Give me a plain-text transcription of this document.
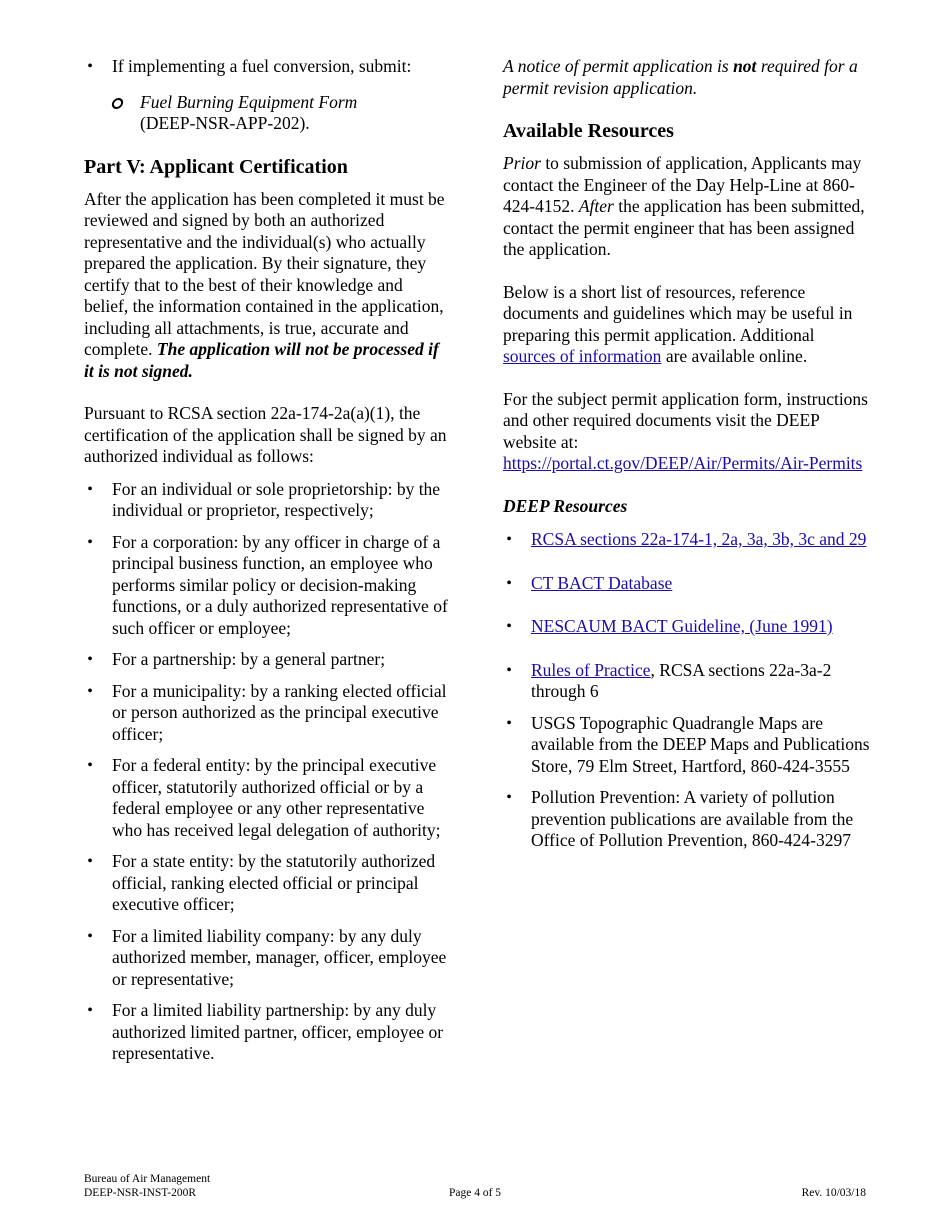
• If implementing a fuel conversion, submit:
Fuel Burning Equipment Form
(DEEP-NSR-APP-202).
Part V: Applicant Certification

After the application has been completed it must be reviewed and signed by both an authorized representative and the individual(s) who actually prepared the application. By their signature, they certify that to the best of their knowledge and belief, the information contained in the application, including all attachments, is true, accurate and complete. The application will not be processed if it is not signed.

Pursuant to RCSA section 22a-174-2a(a)(1), the certification of the application shall be signed by an authorized individual as follows:

• For an individual or sole proprietorship: by the individual or proprietor, respectively;
• For a corporation: by any officer in charge of a principal business function, an employee who performs similar policy or decision-making functions, or a duly authorized representative of such officer or employee;
• For a partnership: by a general partner;
• For a municipality: by a ranking elected official or person authorized as the principal executive officer;
• For a federal entity: by the principal executive officer, statutorily authorized official or by a federal employee or any other representative who has received legal delegation of authority;
• For a state entity: by the statutorily authorized official, ranking elected official or principal executive officer;
• For a limited liability company: by any duly authorized member, manager, officer, employee or representative;
• For a limited liability partnership: by any duly authorized limited partner, officer, employee or representative.

A notice of permit application is not required for a permit revision application.

Available Resources

Prior to submission of application, Applicants may contact the Engineer of the Day Help-Line at 860-424-4152. After the application has been submitted, contact the permit engineer that has been assigned the application.

Below is a short list of resources, reference documents and guidelines which may be useful in preparing this permit application. Additional sources of information are available online.

For the subject permit application form, instructions and other required documents visit the DEEP website at:
https://portal.ct.gov/DEEP/Air/Permits/Air-Permits

DEEP Resources

• RCSA sections 22a-174-1, 2a, 3a, 3b, 3c and 29
• CT BACT Database
• NESCAUM BACT Guideline, (June 1991)
• Rules of Practice, RCSA sections 22a-3a-2 through 6
• USGS Topographic Quadrangle Maps are available from the DEEP Maps and Publications Store, 79 Elm Street, Hartford, 860-424-3555
• Pollution Prevention: A variety of pollution prevention publications are available from the Office of Pollution Prevention, 860-424-3297
Bureau of Air Management
DEEP-NSR-INST-200R	Page 4 of 5	Rev. 10/03/18
